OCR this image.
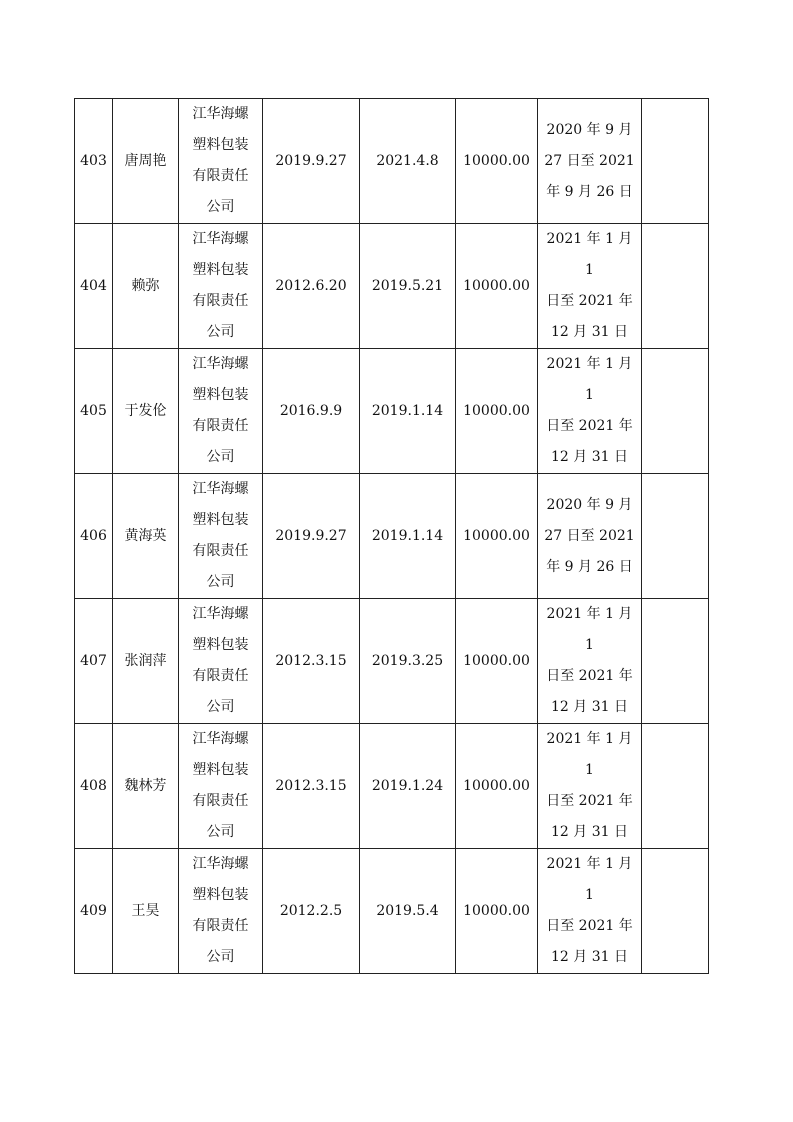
403	唐周艳	江华海螺
塑料包装
有限责任
公司	2019.9.27	2021.4.8	10000.00	2020 年 9 月
27 日至 2021
年 9 月 26 日	

404	赖弥	江华海螺
塑料包装
有限责任
公司	2012.6.20	2019.5.21	10000.00	2021 年 1 月 1
日至 2021 年
12 月 31 日	

405	于发伦	江华海螺
塑料包装
有限责任
公司	2016.9.9	2019.1.14	10000.00	2021 年 1 月 1
日至 2021 年
12 月 31 日	

406	黄海英	江华海螺
塑料包装
有限责任
公司	2019.9.27	2019.1.14	10000.00	2020 年 9 月
27 日至 2021
年 9 月 26 日	

407	张润萍	江华海螺
塑料包装
有限责任
公司	2012.3.15	2019.3.25	10000.00	2021 年 1 月 1
日至 2021 年
12 月 31 日	

408	魏林芳	江华海螺
塑料包装
有限责任
公司	2012.3.15	2019.1.24	10000.00	2021 年 1 月 1
日至 2021 年
12 月 31 日	

409	王昊	江华海螺
塑料包装
有限责任
公司	2012.2.5	2019.5.4	10000.00	2021 年 1 月 1
日至 2021 年
12 月 31 日	
